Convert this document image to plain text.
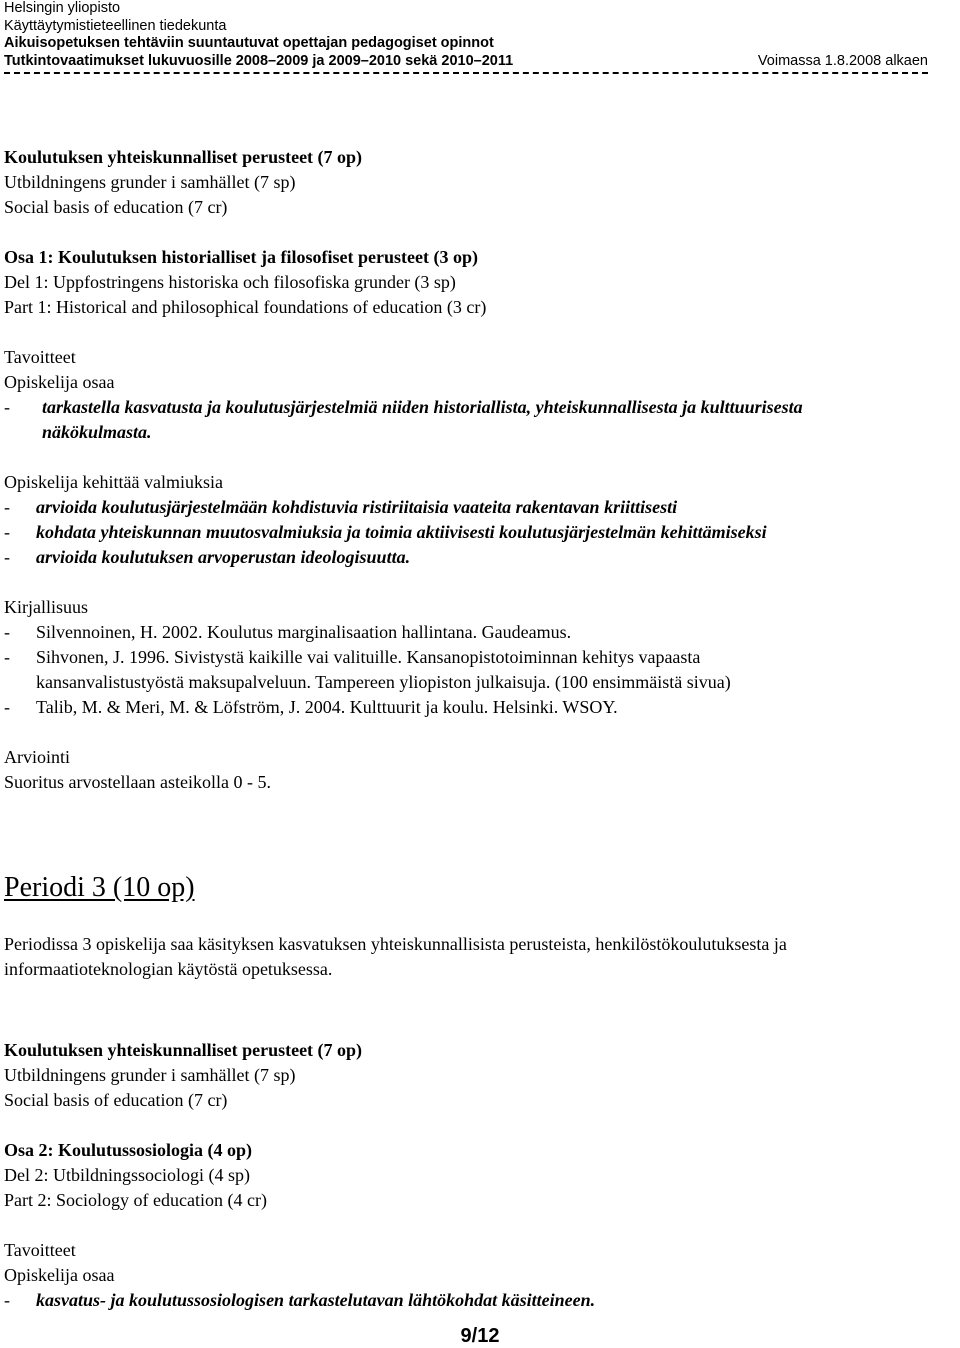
Helsingin yliopisto
Käyttäytymistieteellinen tiedekunta
Aikuisopetuksen tehtäviin suuntautuvat opettajan pedagogiset opinnot
Tutkintovaatimukset lukuvuosille 2008–2009 ja 2009–2010 sekä 2010–2011	Voimassa 1.8.2008 alkaen

Koulutuksen yhteiskunnalliset perusteet (7 op)

Utbildningens grunder i samhället (7 sp)

Social basis of education (7 cr)

Osa 1: Koulutuksen historialliset ja filosofiset perusteet (3 op)

Del 1: Uppfostringens historiska och filosofiska grunder (3 sp)

Part 1: Historical and philosophical foundations of education (3 cr)

Tavoitteet

Opiskelija osaa

- tarkastella kasvatusta ja koulutusjärjestelmiä niiden historiallista, yhteiskunnallisesta ja kulttuurisesta

näkökulmasta.

Opiskelija kehittää valmiuksia

- arvioida koulutusjärjestelmään kohdistuvia ristiriitaisia vaateita rakentavan kriittisesti

- kohdata yhteiskunnan muutosvalmiuksia ja toimia aktiivisesti koulutusjärjestelmän kehittämiseksi

- arvioida koulutuksen arvoperustan ideologisuutta.

Kirjallisuus

- Silvennoinen, H. 2002. Koulutus marginalisaation hallintana. Gaudeamus.

- Sihvonen, J. 1996. Sivistystä kaikille vai valituille. Kansanopistotoiminnan kehitys vapaasta

kansanvalistustyöstä maksupalveluun. Tampereen yliopiston julkaisuja. (100 ensimmäistä sivua)

- Talib, M. & Meri, M. & Löfström, J. 2004. Kulttuurit ja koulu. Helsinki. WSOY.

Arviointi

Suoritus arvostellaan asteikolla 0 - 5.

Periodi 3 (10 op)

Periodissa 3 opiskelija saa käsityksen kasvatuksen yhteiskunnallisista perusteista, henkilöstökoulutuksesta ja

informaatioteknologian käytöstä opetuksessa.

Koulutuksen yhteiskunnalliset perusteet (7 op)

Utbildningens grunder i samhället (7 sp)

Social basis of education (7 cr)

Osa 2: Koulutussosiologia (4 op)

Del 2: Utbildningssociologi (4 sp)

Part 2: Sociology of education (4 cr)

Tavoitteet

Opiskelija osaa

- kasvatus- ja koulutussosiologisen tarkastelutavan lähtökohdat käsitteineen.

9/12
